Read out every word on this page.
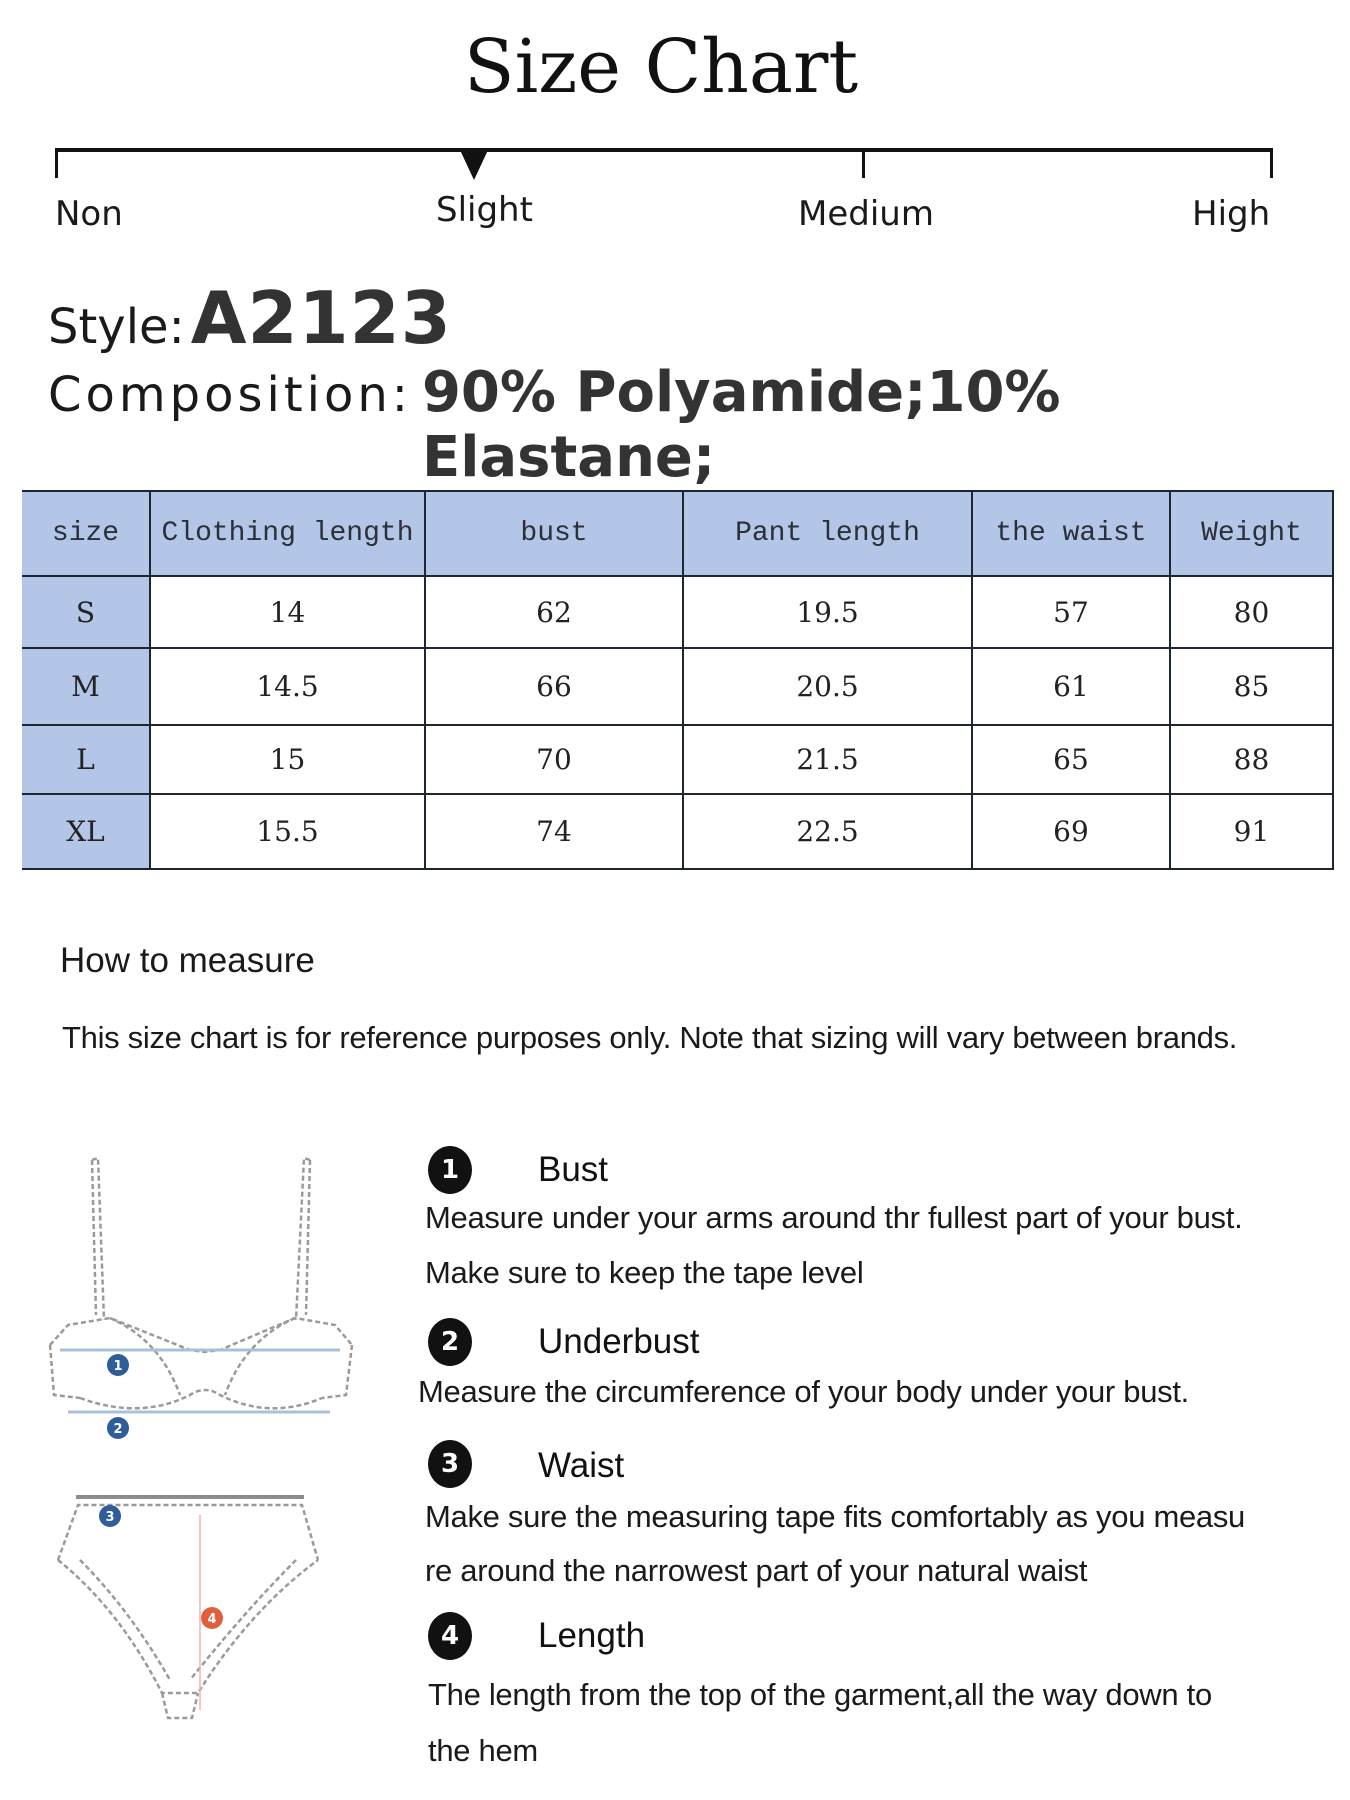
Size Chart
Non	Slight	Medium	High
Style: A2123
Composition: 90% Polyamide;10% Elastane;
size	Clothing length	bust	Pant length	the waist	Weight
S	14	62	19.5	57	80
M	14.5	66	20.5	61	85
L	15	70	21.5	65	88
XL	15.5	74	22.5	69	91
How to measure
This size chart is for reference purposes only. Note that sizing will vary between brands.
1
2
3
4
1	Bust
Measure under your arms around thr fullest part of your bust.
Make sure to keep the tape level
2	Underbust
Measure the circumference of your body under your bust.
3	Waist
Make sure the measuring tape fits comfortably as you measu
re around the narrowest part of your natural waist
4	Length
The length from the top of the garment,all the way down to
the hem
